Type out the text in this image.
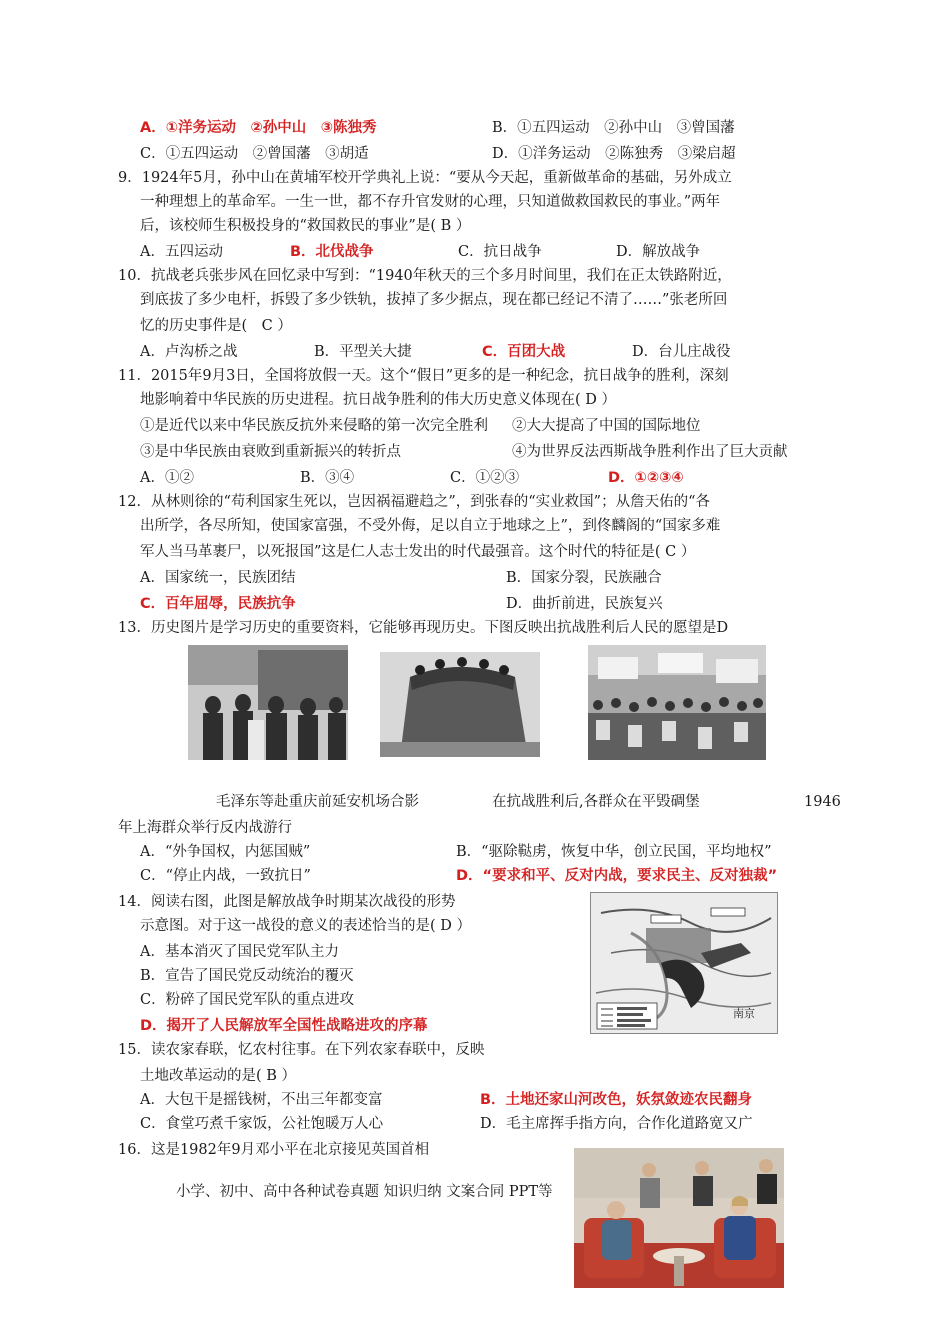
A．①洋务运动　②孙中山　③陈独秀	B．①五四运动　②孙中山　③曾国藩
C．①五四运动　②曾国藩　③胡适	D．①洋务运动　②陈独秀　③梁启超
9．1924年5月，孙中山在黄埔军校开学典礼上说：“要从今天起，重新做革命的基础，另外成立
一种理想上的革命军。一生一世，都不存升官发财的心理，只知道做救国救民的事业。”两年
后，该校师生积极投身的“救国救民的事业”是( B ）
A．五四运动	B．北伐战争	C．抗日战争	D．解放战争
10．抗战老兵张步风在回忆录中写到：“1940年秋天的三个多月时间里，我们在正太铁路附近，
到底拔了多少电杆，拆毁了多少铁轨，拔掉了多少据点，现在都已经记不清了……”张老所回
忆的历史事件是(　C ）
A．卢沟桥之战	B．平型关大捷	C．百团大战	D．台儿庄战役
11．2015年9月3日，全国将放假一天。这个“假日”更多的是一种纪念，抗日战争的胜利，深刻
地影响着中华民族的历史进程。抗日战争胜利的伟大历史意义体现在( D ）
①是近代以来中华民族反抗外来侵略的第一次完全胜利 ②大大提高了中国的国际地位
③是中华民族由衰败到重新振兴的转折点	④为世界反法西斯战争胜利作出了巨大贡献
A．①②	B．③④	C．①②③	D．①②③④
12．从林则徐的“苟利国家生死以，岂因祸福避趋之”，到张春的“实业救国”；从詹天佑的“各
出所学，各尽所知，使国家富强，不受外侮，足以自立于地球之上”，到佟麟阁的“国家多难
军人当马革裹尸，以死报国”这是仁人志士发出的时代最强音。这个时代的特征是( C ）
A．国家统一，民族团结	B．国家分裂，民族融合
C．百年屈辱，民族抗争	D．曲折前进，民族复兴
13．历史图片是学习历史的重要资料，它能够再现历史。下图反映出抗战胜利后人民的愿望是D
毛泽东等赴重庆前延安机场合影	在抗战胜利后,各群众在平毁碉堡	1946
年上海群众举行反内战游行
A．“外争国权，内惩国贼”	B．“驱除鞑虏，恢复中华，创立民国，平均地权”
C．“停止内战，一致抗日”	D．“要求和平、反对内战，要求民主、反对独裁”
14．阅读右图，此图是解放战争时期某次战役的形势
示意图。对于这一战役的意义的表述恰当的是( D ）
A．基本消灭了国民党军队主力
B．宣告了国民党反动统治的覆灭
C．粉碎了国民党军队的重点进攻
D．揭开了人民解放军全国性战略进攻的序幕
南京
15．读农家春联，忆农村往事。在下列农家春联中，反映
土地改革运动的是( B ）
A．大包干是摇钱树，不出三年都变富	B．土地还家山河改色，妖氛敛迹农民翻身
C．食堂巧煮千家饭，公社饱暖万人心	D．毛主席挥手指方向，合作化道路宽又广
16．这是1982年9月邓小平在北京接见英国首相
小学、初中、高中各种试卷真题 知识归纳 文案合同 PPT等
